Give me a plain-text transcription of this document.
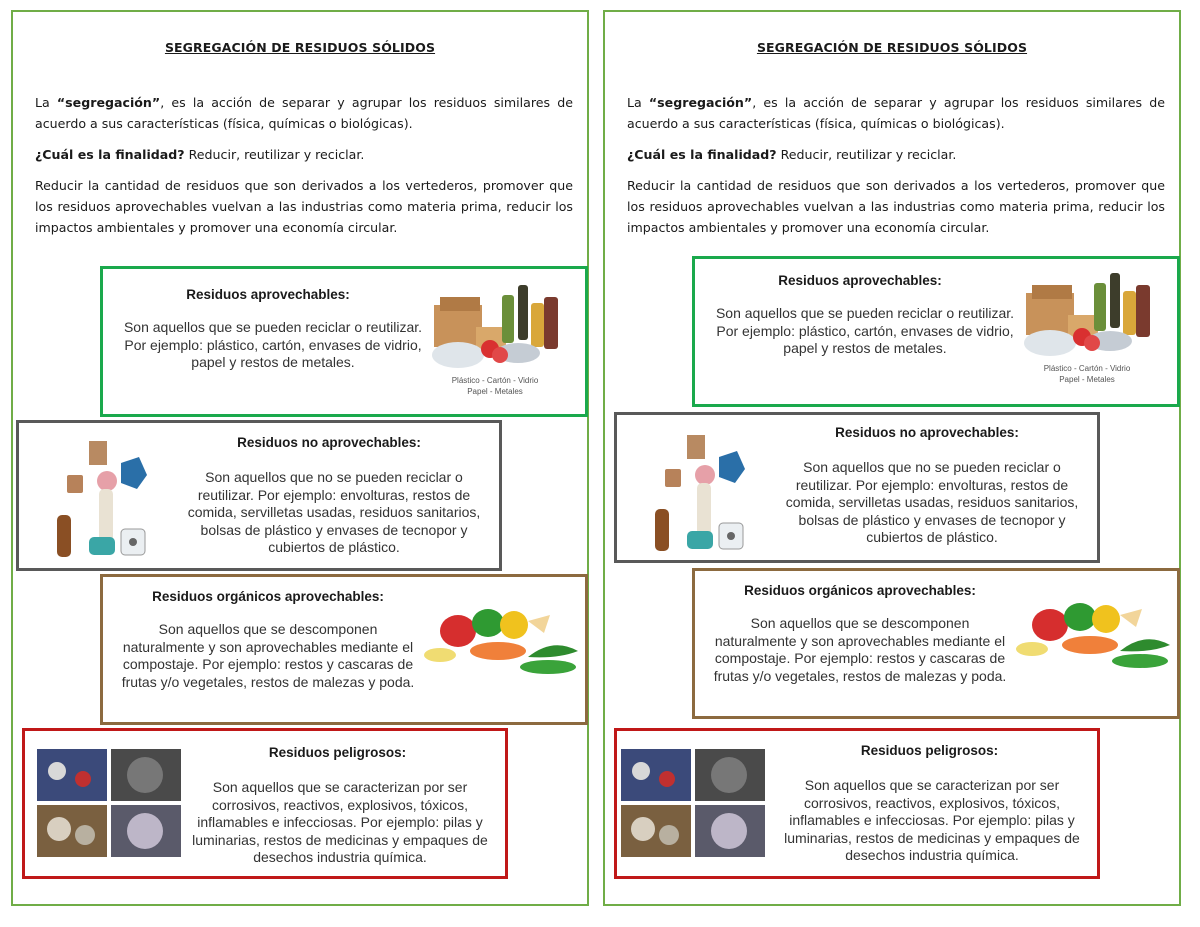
SEGREGACIÓN DE RESIDUOS SÓLIDOS

La “segregación”, es la acción de separar y agrupar los residuos similares de acuerdo a sus características (física, químicas o biológicas).

¿Cuál es la finalidad? Reducir, reutilizar y reciclar.

Reducir la cantidad de residuos que son derivados a los vertederos, promover que los residuos aprovechables vuelvan a las industrias como materia prima, reducir los impactos ambientales y promover una economía circular.

Residuos aprovechables:
Son aquellos que se pueden reciclar o reutilizar. Por ejemplo: plástico, cartón, envases de vidrio, papel y restos de metales.
Plástico - Cartón - Vidrio
Papel - Metales
Residuos no aprovechables:
Son aquellos que no se pueden reciclar o reutilizar. Por ejemplo: envolturas, restos de comida, servilletas usadas, residuos sanitarios, bolsas de plástico y envases de tecnopor y cubiertos de plástico.
Residuos orgánicos aprovechables:
Son aquellos que se descomponen naturalmente y son aprovechables mediante el compostaje. Por ejemplo: restos y cascaras de frutas y/o vegetales, restos de malezas y poda.
Residuos peligrosos:
Son aquellos que se caracterizan por ser corrosivos, reactivos, explosivos, tóxicos, inflamables e infecciosas. Por ejemplo: pilas y luminarias, restos de medicinas y empaques de desechos industria química.
SEGREGACIÓN DE RESIDUOS SÓLIDOS

La “segregación”, es la acción de separar y agrupar los residuos similares de acuerdo a sus características (física, químicas o biológicas).

¿Cuál es la finalidad? Reducir, reutilizar y reciclar.

Reducir la cantidad de residuos que son derivados a los vertederos, promover que los residuos aprovechables vuelvan a las industrias como materia prima, reducir los impactos ambientales y promover una economía circular.

Residuos aprovechables:
Son aquellos que se pueden reciclar o reutilizar. Por ejemplo: plástico, cartón, envases de vidrio, papel y restos de metales.
Plástico - Cartón - Vidrio
Papel - Metales
Residuos no aprovechables:
Son aquellos que no se pueden reciclar o reutilizar. Por ejemplo: envolturas, restos de comida, servilletas usadas, residuos sanitarios, bolsas de plástico y envases de tecnopor y cubiertos de plástico.
Residuos orgánicos aprovechables:
Son aquellos que se descomponen naturalmente y son aprovechables mediante el compostaje. Por ejemplo: restos y cascaras de frutas y/o vegetales, restos de malezas y poda.
Residuos peligrosos:
Son aquellos que se caracterizan por ser corrosivos, reactivos, explosivos, tóxicos, inflamables e infecciosas. Por ejemplo: pilas y luminarias, restos de medicinas y empaques de desechos industria química.
